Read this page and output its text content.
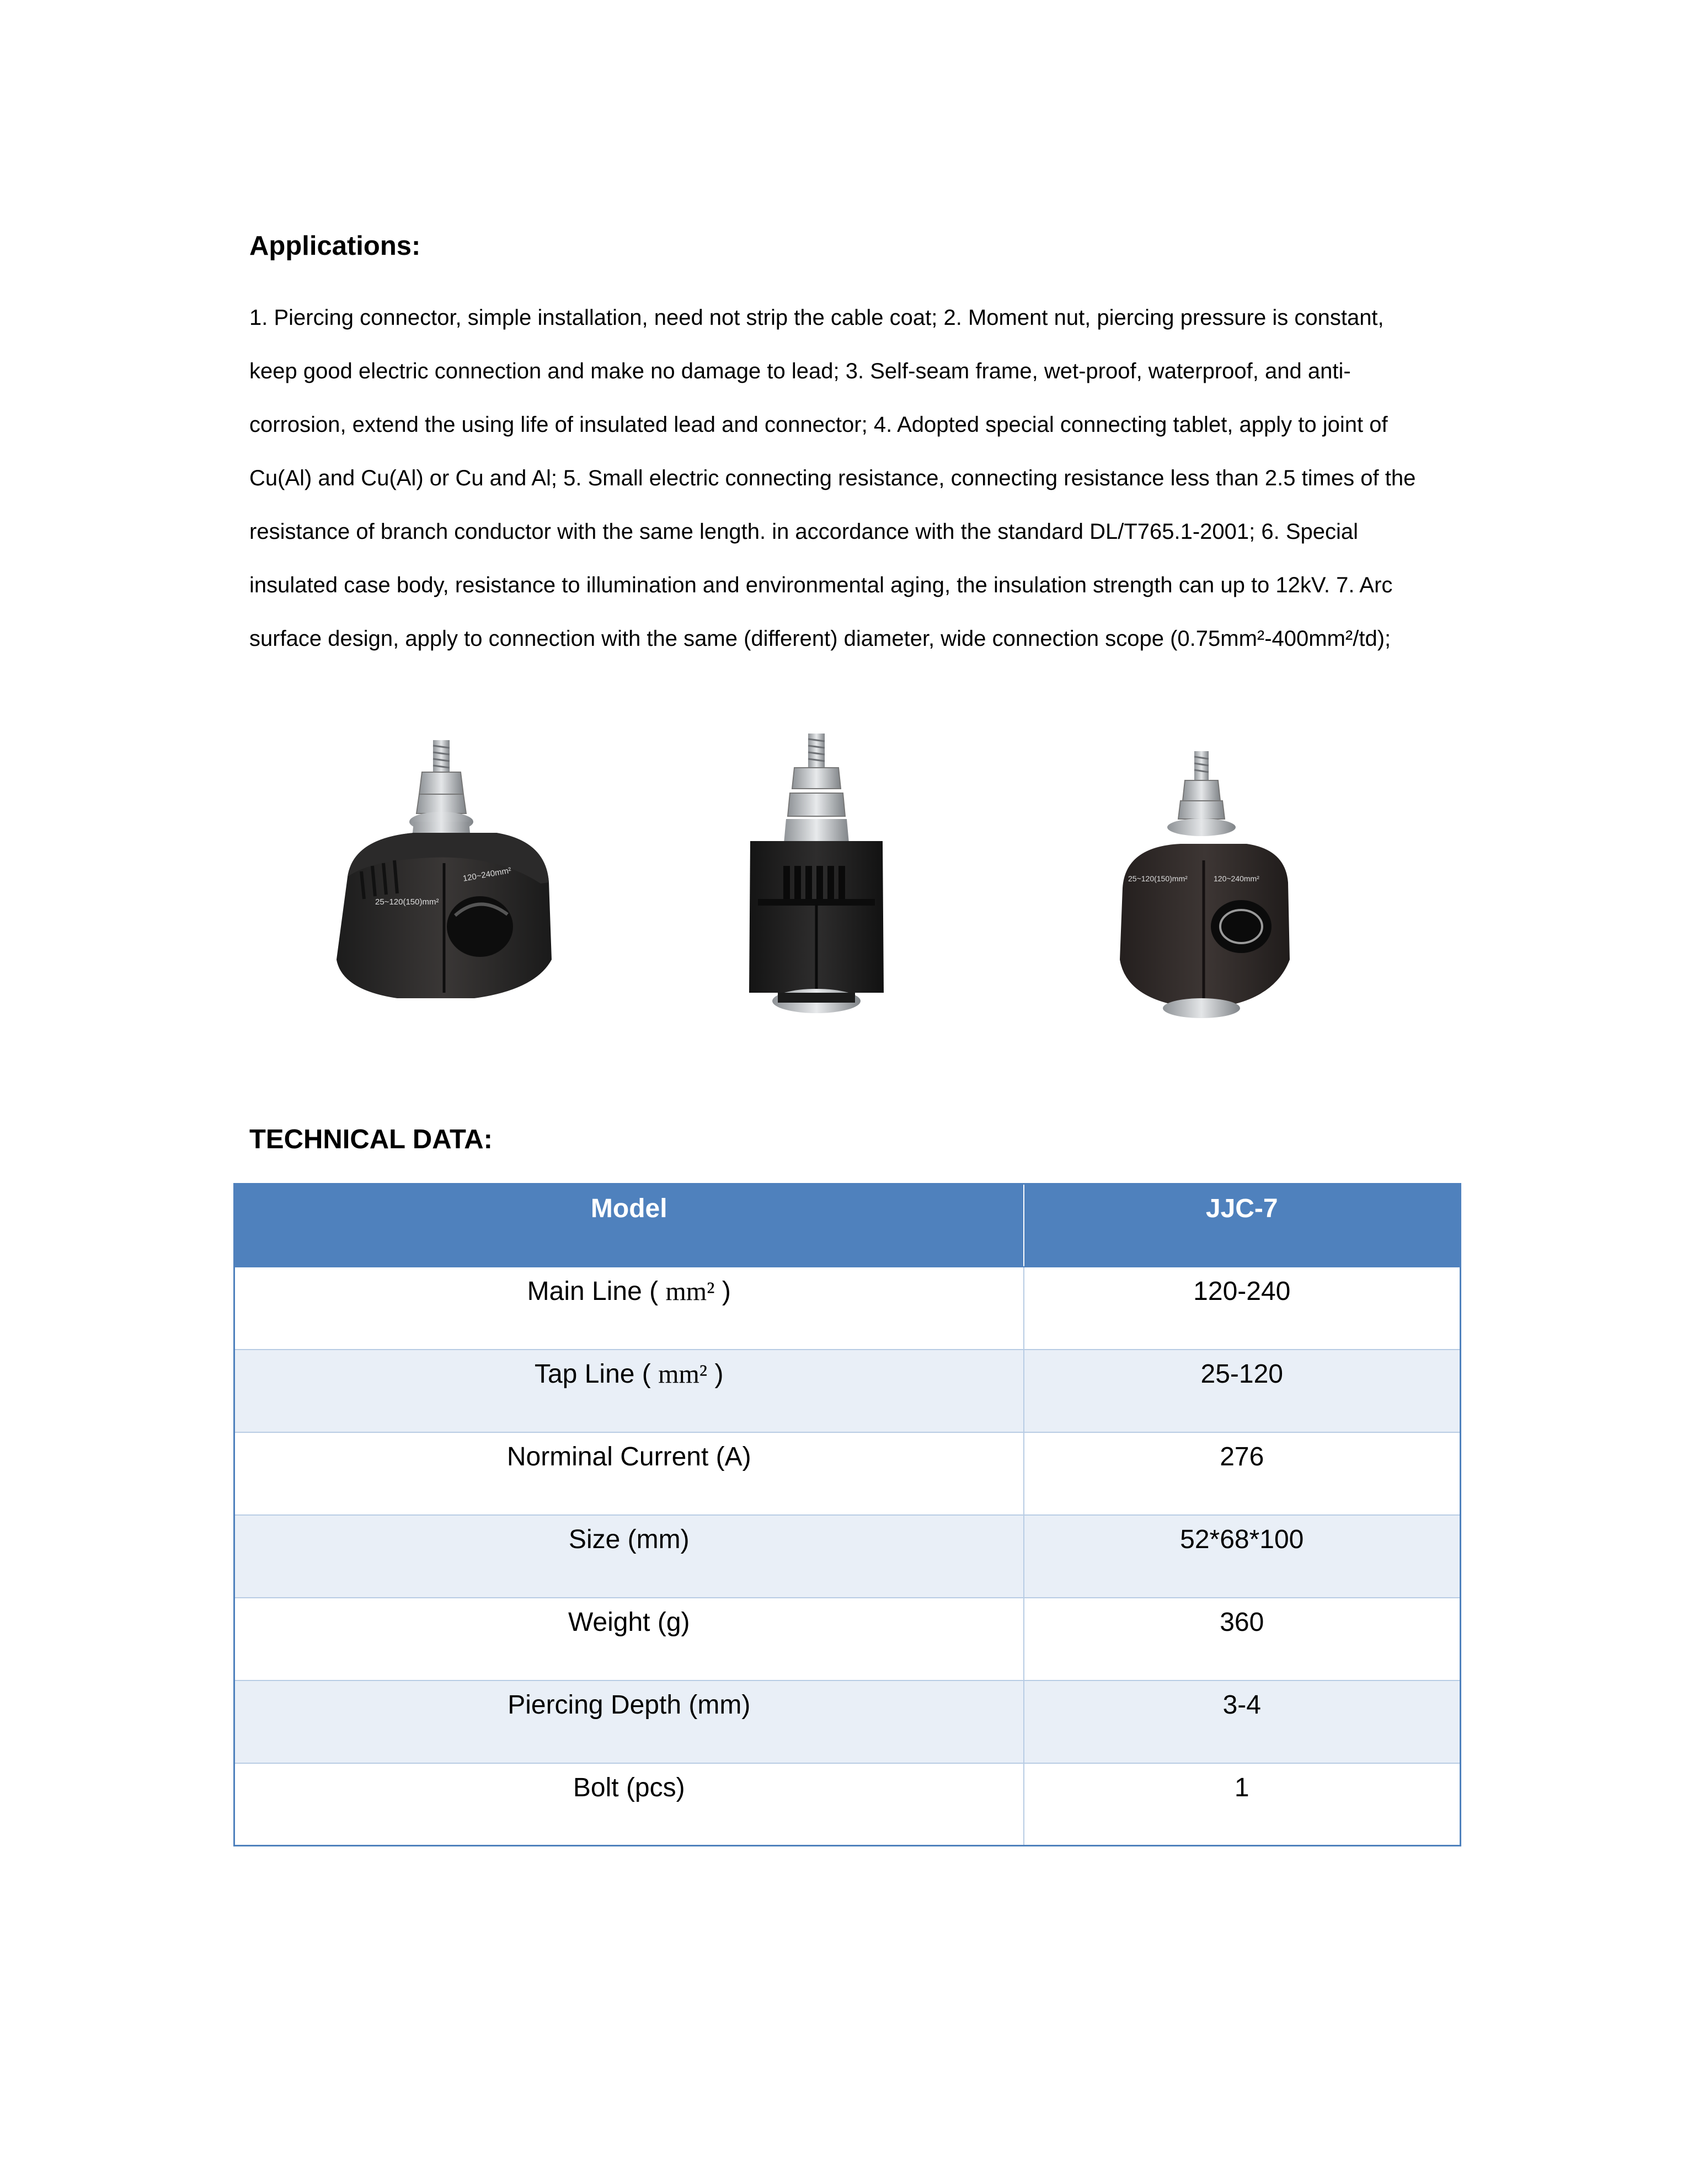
Applications:
1. Piercing connector, simple installation, need not strip the cable coat; 2. Moment nut, piercing pressure is constant,
keep good electric connection and make no damage to lead; 3. Self-seam frame, wet-proof, waterproof, and anti-
corrosion, extend the using life of insulated lead and connector; 4. Adopted special connecting tablet, apply to joint of
Cu(Al) and Cu(Al) or Cu and Al; 5. Small electric connecting resistance, connecting resistance less than 2.5 times of the
resistance of branch conductor with the same length. in accordance with the standard DL/T765.1-2001; 6. Special
insulated case body, resistance to illumination and environmental aging, the insulation strength can up to 12kV. 7. Arc
surface design, apply to connection with the same (different) diameter, wide connection scope (0.75mm²-400mm²/td);
25~120(150)mm²
120~240mm²	25~120(150)mm²	120~240mm²
TECHNICAL DATA:
Model	JJC-7
Main Line ( mm² )	120-240
Tap Line ( mm² )	25-120
Norminal Current (A)	276
Size (mm)	52*68*100
Weight (g)	360
Piercing Depth (mm)	3-4
Bolt (pcs)	1
